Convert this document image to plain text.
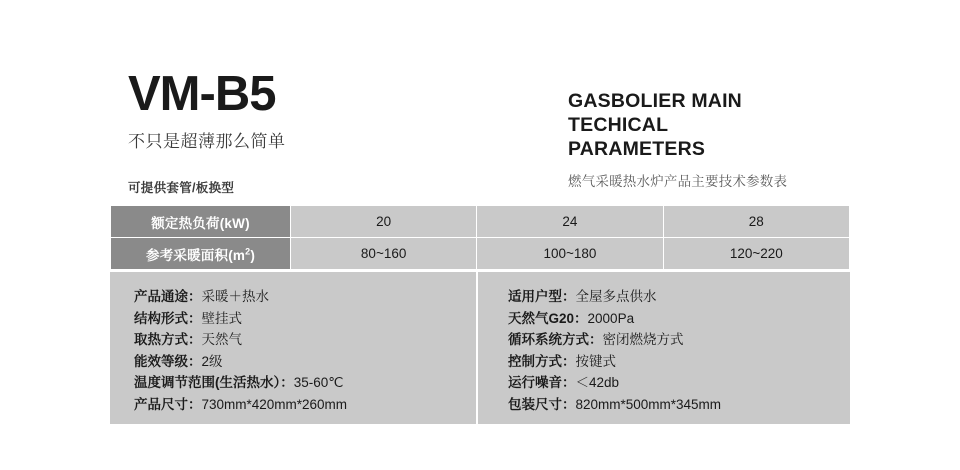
VM-B5
不只是超薄那么简单
可提供套管/板换型
GASBOLIER MAIN
TECHICAL
PARAMETERS
燃气采暖热水炉产品主要技术参数表
额定热负荷(kW)	20	24	28
参考采暖面积$(m^2)$	80~160	100~180	120~220
产品通途：采暖＋热水
结构形式：壁挂式
取热方式：天然气
能效等级：2级
温度调节范围(生活热水）：35-60℃
产品尺寸：730mm*420mm*260mm
适用户型：全屋多点供水
天然气G20：2000Pa
循环系统方式：密闭燃烧方式
控制方式：按键式
运行噪音：＜42db
包装尺寸：820mm*500mm*345mm
